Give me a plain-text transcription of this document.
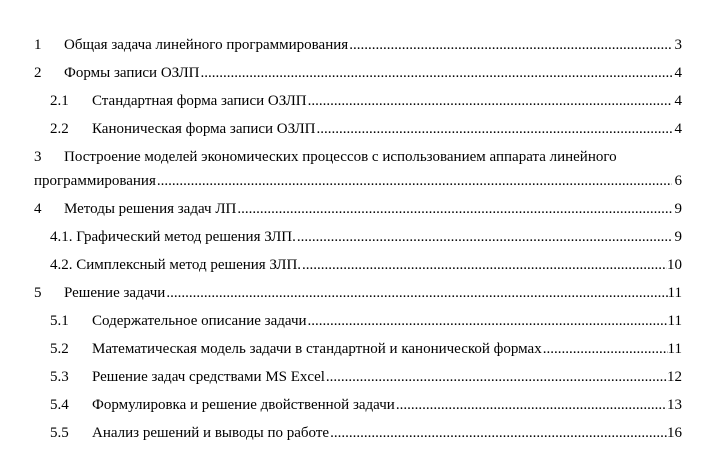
1	Общая задача линейного программирования .....	3
2	Формы записи ОЗЛП .....	4
2.1	Стандартная форма записи ОЗЛП .....	4
2.2	Каноническая форма записи ОЗЛП .....	4
3 Построение моделей экономических процессов с использованием аппарата линейного
программирования .....	6
4	Методы решения задач ЛП .....	9
4.1. Графический метод решения ЗЛП. .....	9
4.2. Симплексный метод решения ЗЛП. .....	10
5	Решение задачи .....	11
5.1	Содержательное описание задачи .....	11
5.2	Математическая модель задачи в стандартной и канонической формах .....	11
5.3	Решение задач средствами MS Excel .....	12
5.4	Формулировка и решение двойственной задачи .....	13
5.5	Анализ решений и выводы по работе .....	16
